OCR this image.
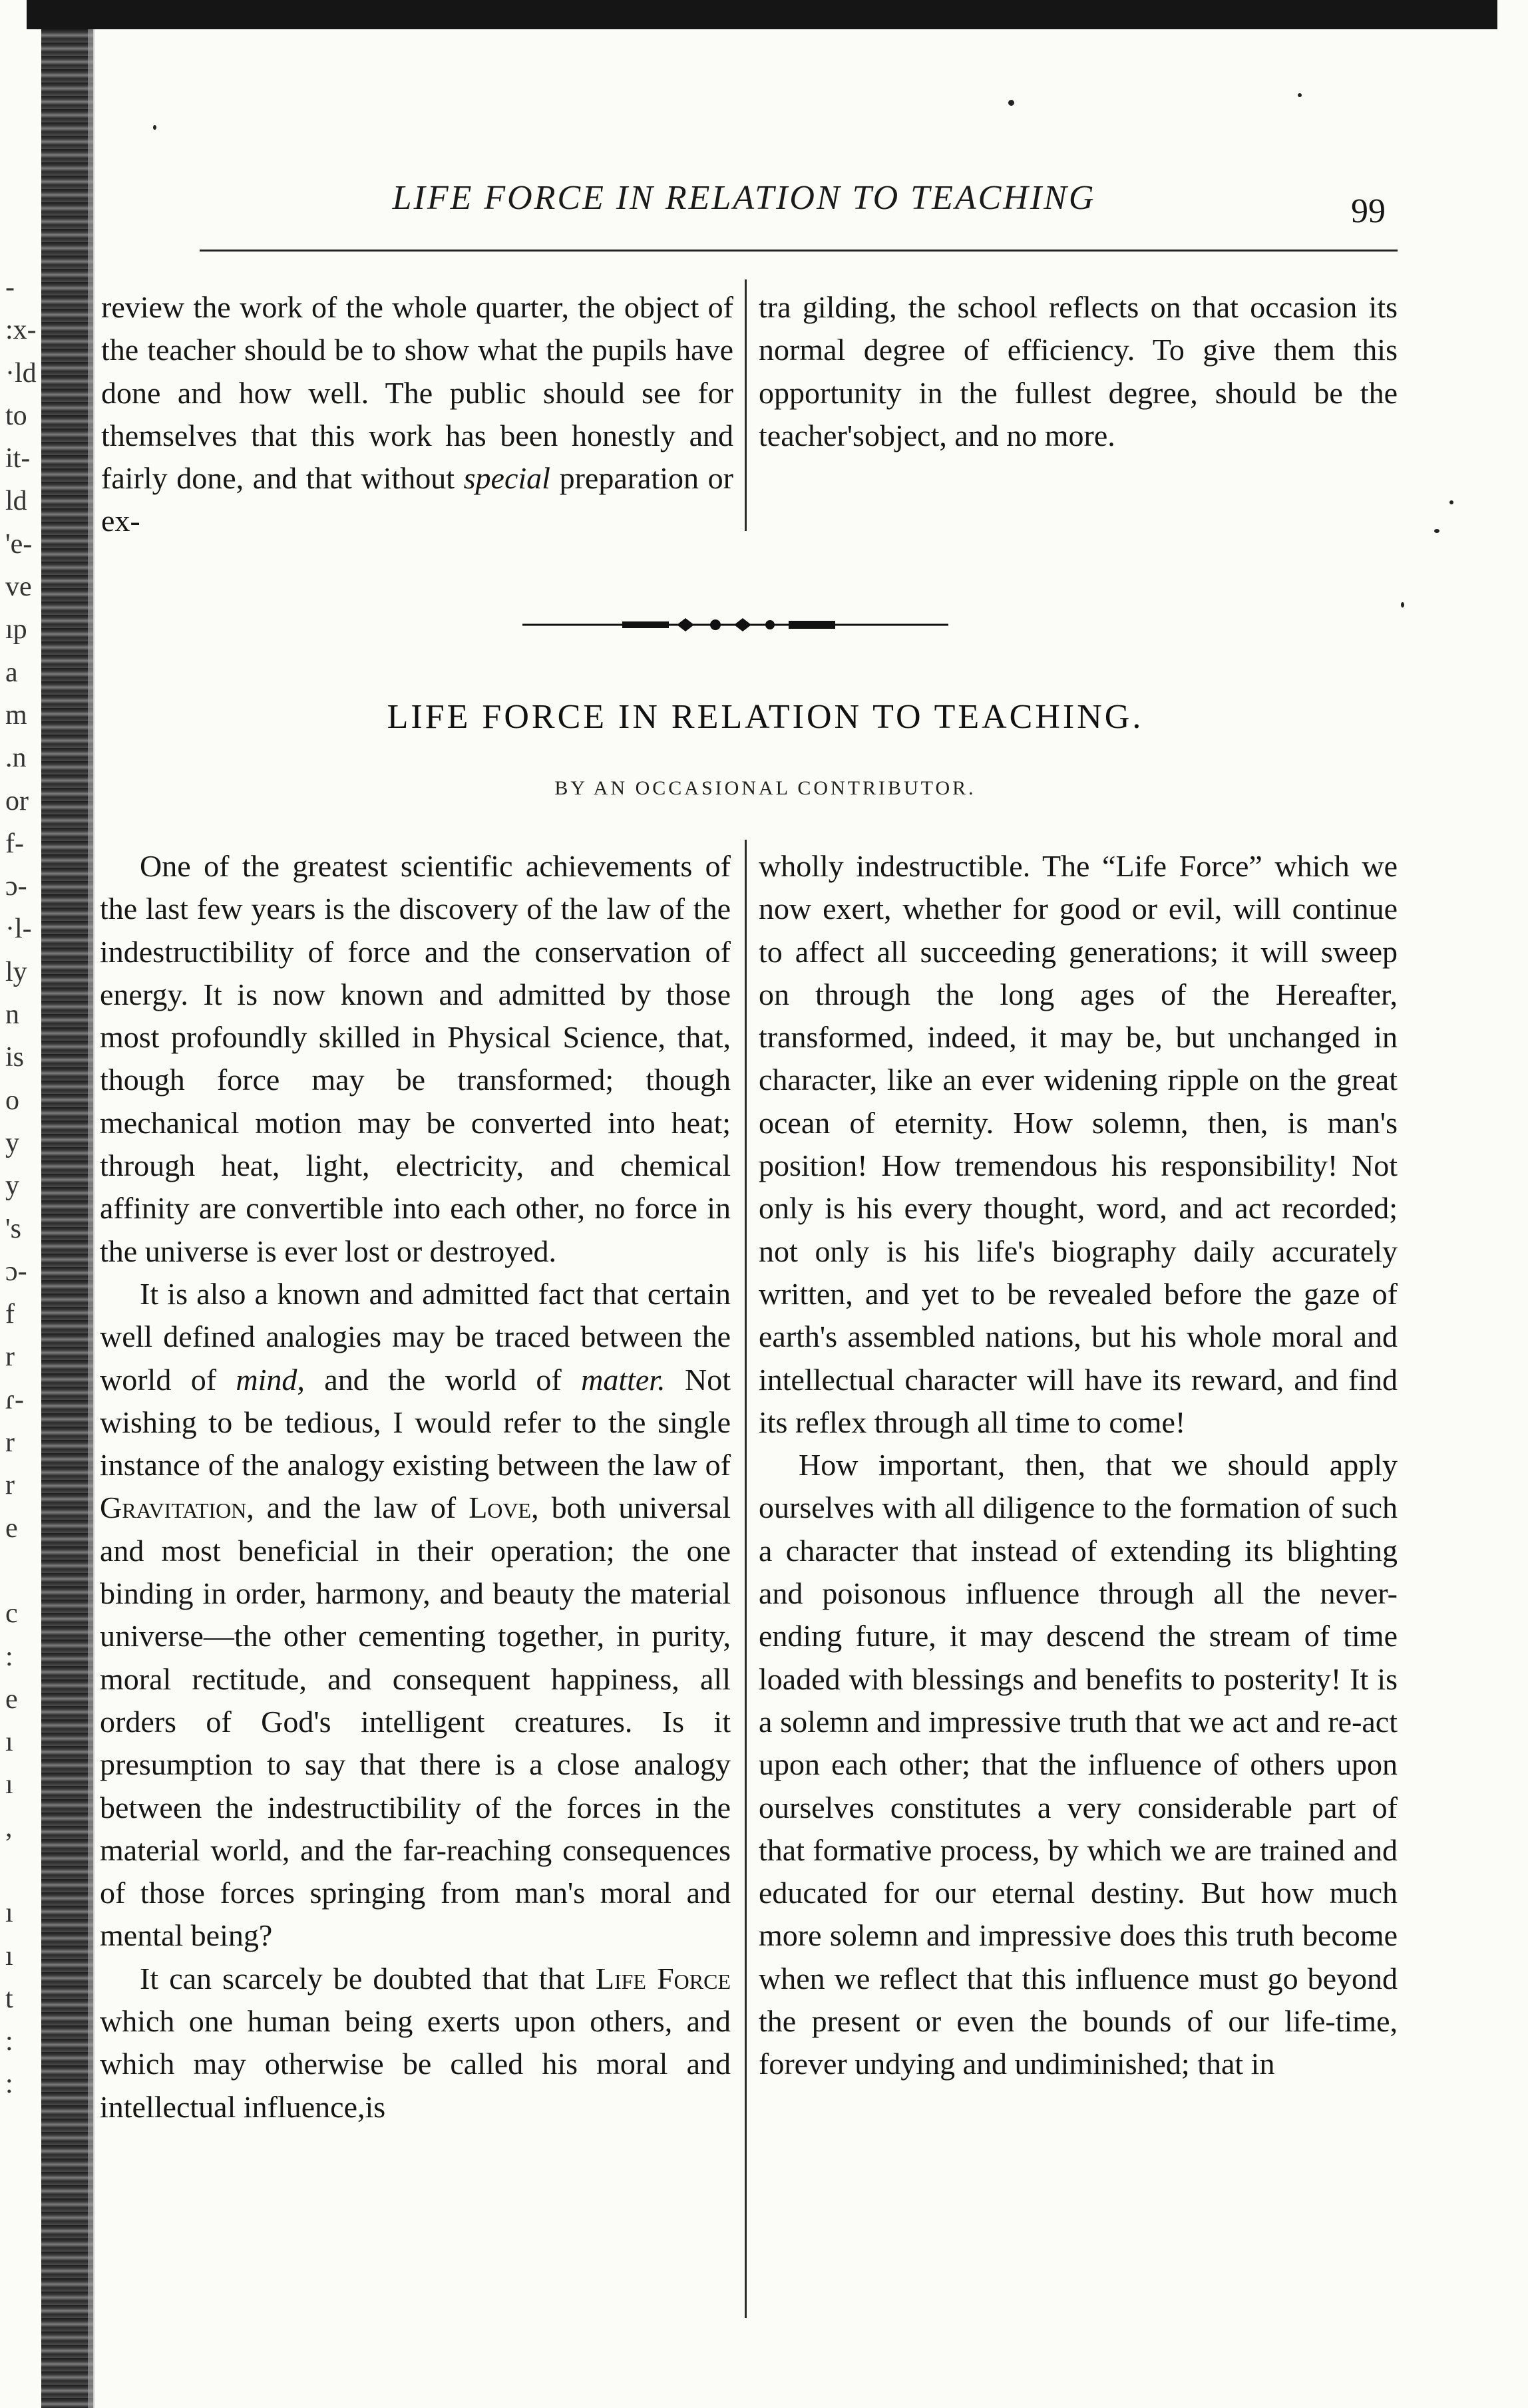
-
:x-
·ld
to
it-
ld
'e-
ve
ıp
a
m
.n
or
f-
ɔ-
·l-
ly
n
is
o
y
y
's
ɔ-
f
r
ɾ-
r
r
e
c
:
e
ı
ı
,
ı
ı
t
:
:
LIFE FORCE IN RELATION TO TEACHING	99

review the work of the whole quarter, the object of the teacher should be to show what the pupils have done and how well. The public should see for themselves that this work has been honestly and fairly done, and that without special preparation or ex-

tra gilding, the school reflects on that occasion its normal degree of efficiency. To give them this opportunity in the fullest degree, should be the teacher'sobject, and no more.

LIFE FORCE IN RELATION TO TEACHING.
BY AN OCCASIONAL CONTRIBUTOR.

One of the greatest scientific achievements of the last few years is the discovery of the law of the indestructibility of force and the conservation of energy. It is now known and admitted by those most profoundly skilled in Physical Science, that, though force may be transformed; though mechanical motion may be converted into heat; through heat, light, electricity, and chemical affinity are convertible into each other, no force in the universe is ever lost or destroyed.

It is also a known and admitted fact that certain well defined analogies may be traced between the world of mind, and the world of matter. Not wishing to be tedious, I would refer to the single instance of the analogy existing between the law of Gravitation, and the law of Love, both universal and most beneficial in their operation; the one binding in order, harmony, and beauty the material universe—the other cementing together, in purity, moral rectitude, and consequent happiness, all orders of God's intelligent creatures. Is it presumption to say that there is a close analogy between the indestructibility of the forces in the material world, and the far-reaching consequences of those forces springing from man's moral and mental being?

It can scarcely be doubted that that Life Force which one human being exerts upon others, and which may otherwise be called his moral and intellectual influence,is

wholly indestructible. The “Life Force” which we now exert, whether for good or evil, will continue to affect all succeeding generations; it will sweep on through the long ages of the Hereafter, transformed, indeed, it may be, but unchanged in character, like an ever widening ripple on the great ocean of eternity. How solemn, then, is man's position! How tremendous his responsibility! Not only is his every thought, word, and act recorded; not only is his life's biography daily accurately written, and yet to be revealed before the gaze of earth's assembled nations, but his whole moral and intellectual character will have its reward, and find its reflex through all time to come!

How important, then, that we should apply ourselves with all diligence to the formation of such a character that instead of extending its blighting and poisonous influence through all the never-ending future, it may descend the stream of time loaded with blessings and benefits to posterity! It is a solemn and impressive truth that we act and re-act upon each other; that the influence of others upon ourselves constitutes a very considerable part of that formative process, by which we are trained and educated for our eternal destiny. But how much more solemn and impressive does this truth become when we reflect that this influence must go beyond the present or even the bounds of our life-time, forever undying and undiminished; that in
